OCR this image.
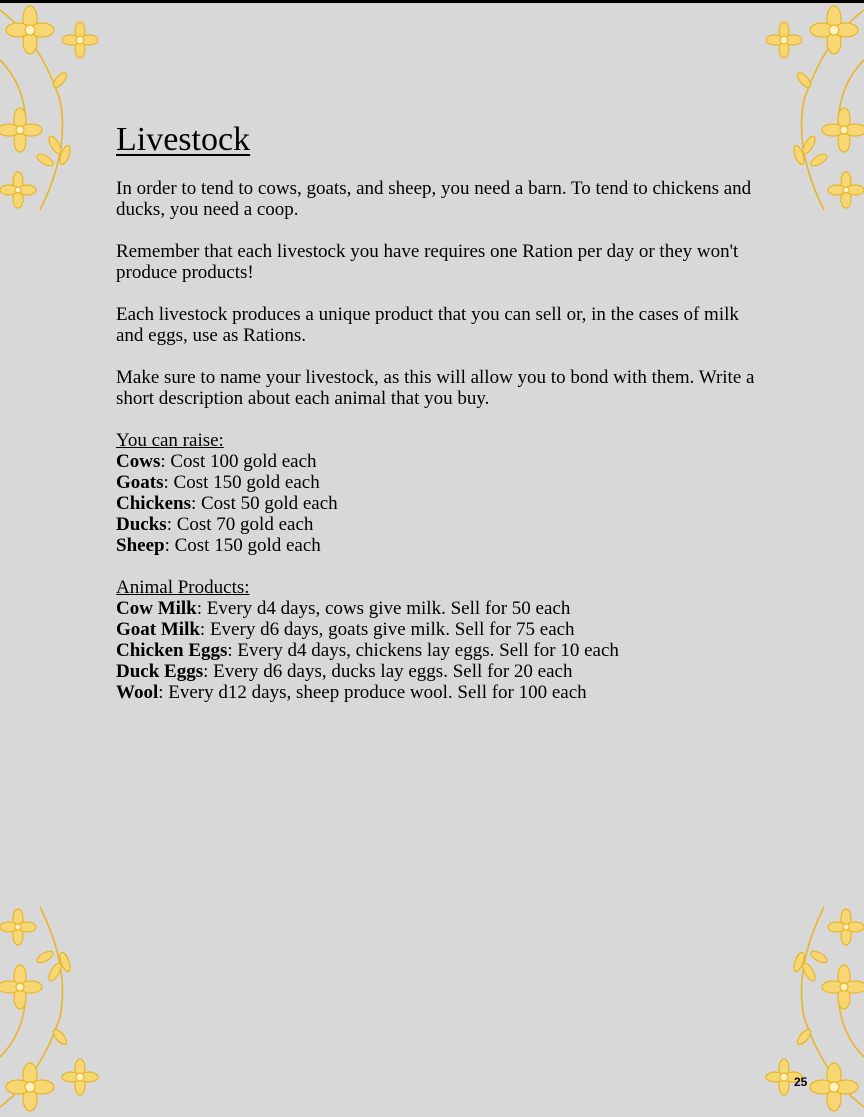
Livestock

In order to tend to cows, goats, and sheep, you need a barn. To tend to chickens and ducks, you need a coop.

Remember that each livestock you have requires one Ration per day or they won't produce products!

Each livestock produces a unique product that you can sell or, in the cases of milk and eggs, use as Rations.

Make sure to name your livestock, as this will allow you to bond with them. Write a short description about each animal that you buy.

You can raise:

Cows: Cost 100 gold each
Goats: Cost 150 gold each
Chickens: Cost 50 gold each
Ducks: Cost 70 gold each
Sheep: Cost 150 gold each

Animal Products:

Cow Milk: Every d4 days, cows give milk. Sell for 50 each
Goat Milk: Every d6 days, goats give milk. Sell for 75 each
Chicken Eggs: Every d4 days, chickens lay eggs. Sell for 10 each
Duck Eggs: Every d6 days, ducks lay eggs. Sell for 20 each
Wool: Every d12 days, sheep produce wool. Sell for 100 each
25
